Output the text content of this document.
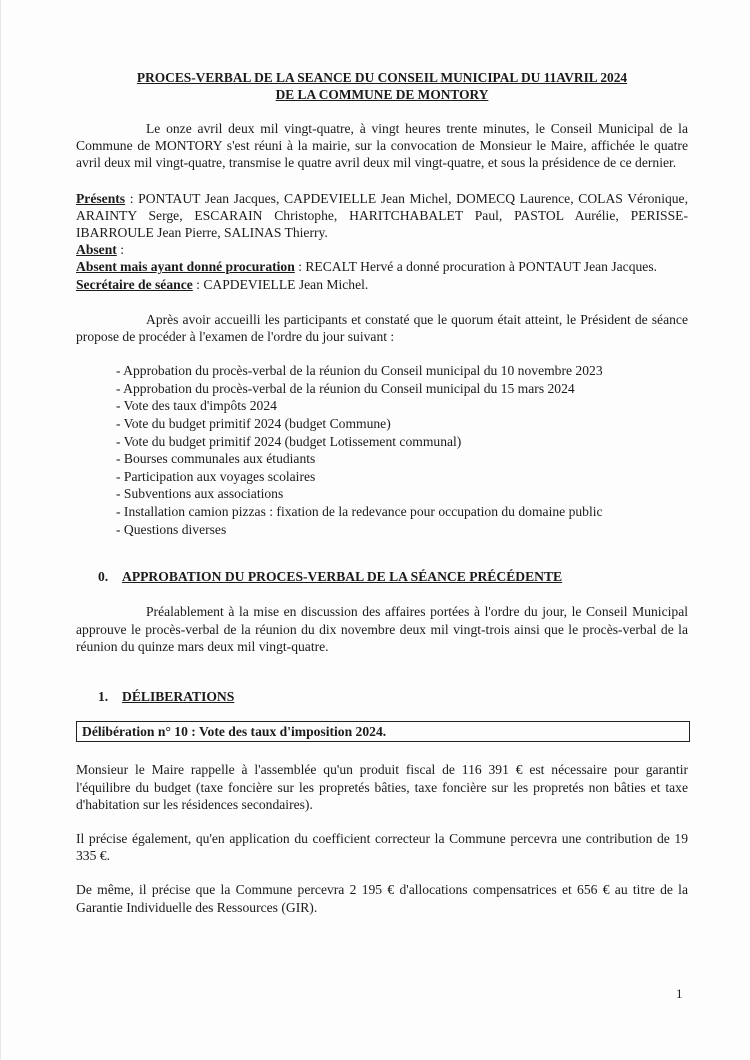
PROCES-VERBAL DE LA SEANCE DU CONSEIL MUNICIPAL DU 11AVRIL 2024

DE LA COMMUNE DE MONTORY

Le onze avril deux mil vingt-quatre, à vingt heures trente minutes, le Conseil Municipal de la Commune de MONTORY s'est réuni à la mairie, sur la convocation de Monsieur le Maire, affichée le quatre avril deux mil vingt-quatre, transmise le quatre avril deux mil vingt-quatre, et sous la présidence de ce dernier.

Présents : PONTAUT Jean Jacques, CAPDEVIELLE Jean Michel, DOMECQ Laurence, COLAS Véronique, ARAINTY Serge, ESCARAIN Christophe, HARITCHABALET Paul, PASTOL Aurélie, PERISSE-IBARROULE Jean Pierre, SALINAS Thierry.

Absent :

Absent mais ayant donné procuration : RECALT Hervé a donné procuration à PONTAUT Jean Jacques.

Secrétaire de séance : CAPDEVIELLE Jean Michel.

Après avoir accueilli les participants et constaté que le quorum était atteint, le Président de séance propose de procéder à l'examen de l'ordre du jour suivant :

- Approbation du procès-verbal de la réunion du Conseil municipal du 10 novembre 2023
- Approbation du procès-verbal de la réunion du Conseil municipal du 15 mars 2024
- Vote des taux d'impôts 2024
- Vote du budget primitif 2024 (budget Commune)
- Vote du budget primitif 2024 (budget Lotissement communal)
- Bourses communales aux étudiants
- Participation aux voyages scolaires
- Subventions aux associations
- Installation camion pizzas : fixation de la redevance pour occupation du domaine public
- Questions diverses

0. APPROBATION DU PROCES-VERBAL DE LA SÉANCE PRÉCÉDENTE

Préalablement à la mise en discussion des affaires portées à l'ordre du jour, le Conseil Municipal approuve le procès-verbal de la réunion du dix novembre deux mil vingt-trois ainsi que le procès-verbal de la réunion du quinze mars deux mil vingt-quatre.

1. DÉLIBERATIONS

Délibération n° 10 : Vote des taux d'imposition 2024.

Monsieur le Maire rappelle à l'assemblée qu'un produit fiscal de 116 391 € est nécessaire pour garantir l'équilibre du budget (taxe foncière sur les propretés bâties, taxe foncière sur les propretés non bâties et taxe d'habitation sur les résidences secondaires).

Il précise également, qu'en application du coefficient correcteur la Commune percevra une contribution de 19 335 €.

De même, il précise que la Commune percevra 2 195 € d'allocations compensatrices et 656 € au titre de la Garantie Individuelle des Ressources (GIR).

1
